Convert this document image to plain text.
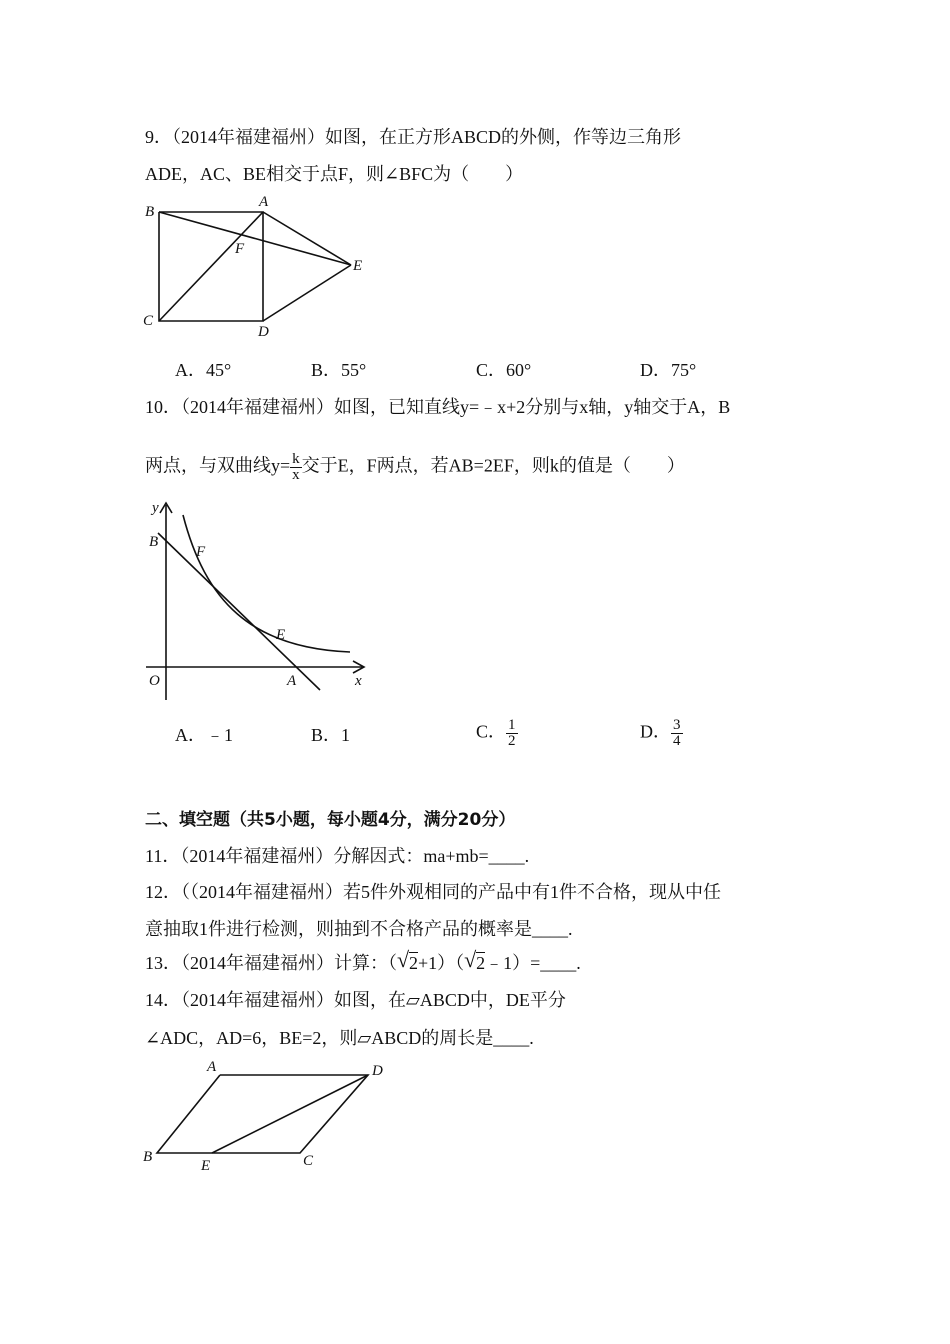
9．（2014年福建福州）如图，在正方形ABCD的外侧，作等边三角形
ADE，AC、BE相交于点F，则∠BFC为（　　）
B
A
F
E
C
D
y
B
F
E
O	A	x
A	D
B
E	C
A．45°	B．55°	C．60°	D．75°
10．（2014年福建福州）如图，已知直线y=﹣x+2分别与x轴，y轴交于A，B
两点，与双曲线$y= \frac{k}{x}$ 交于E，F两点，若AB=2EF，则k的值是（　　）
A．﹣1	B．1	C． $\frac{1}{2}$	D． $\frac{3}{4}$
二、填空题（共5小题，每小题4分，满分20分）
11．（2014年福建福州）分解因式：ma+mb=____.
12．（（2014年福建福州）若5件外观相同的产品中有1件不合格，现从中任
意抽取1件进行检测，则抽到不合格产品的概率是____.
13．（2014年福建福州）计算：（ √ 2+1）（ √ 2﹣1）=____.
14．（2014年福建福州）如图，在▱ABCD中，DE平分
∠ADC，AD=6，BE=2，则▱ABCD的周长是____.
